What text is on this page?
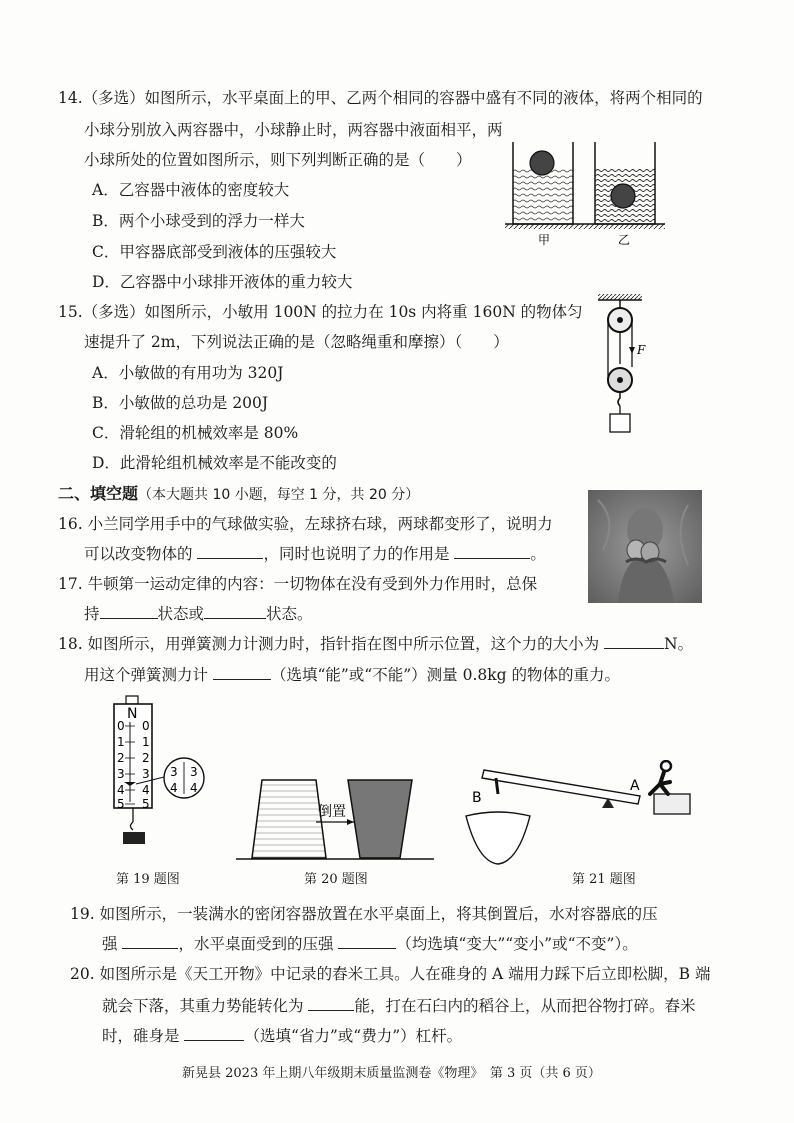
14.（多选）如图所示，水平桌面上的甲、乙两个相同的容器中盛有不同的液体，将两个相同的
小球分别放入两容器中，小球静止时，两容器中液面相平，两
小球所处的位置如图所示，则下列判断正确的是（　　）
A．乙容器中液体的密度较大
B．两个小球受到的浮力一样大
C．甲容器底部受到液体的压强较大
D．乙容器中小球排开液体的重力较大
甲	乙
15.（多选）如图所示，小敏用 100N 的拉力在 10s 内将重 160N 的物体匀
速提升了 2m，下列说法正确的是（忽略绳重和摩擦）（　　）
A．小敏做的有用功为 320J
B．小敏做的总功是 200J
C．滑轮组的机械效率是 80%
D．此滑轮组机械效率是不能改变的
F
二、填空题（本大题共 10 小题，每空 1 分，共 20 分）
16. 小兰同学用手中的气球做实验，左球挤右球，两球都变形了，说明力
可以改变物体的	，同时也说明了力的作用是	。
17. 牛顿第一运动定律的内容：一切物体在没有受到外力作用时，总保
持	状态或	状态。
18. 如图所示，用弹簧测力计测力时，指针指在图中所示位置，这个力的大小为	N。
用这个弹簧测力计	（选填“能”或“不能”）测量 0.8kg 的物体的重力。
N
0 0
1 1
2 2
3 3
4 4
5 5
3 3
4 4
第 19 题图
倒置
第 20 题图
B
A
第 21 题图
19. 如图所示，一装满水的密闭容器放置在水平桌面上，将其倒置后，水对容器底的压
强	，水平桌面受到的压强	（均选填“变大”“变小”或“不变”）。
20. 如图所示是《天工开物》中记录的舂米工具。人在碓身的 A 端用力踩下后立即松脚，B 端
就会下落，其重力势能转化为	能，打在石臼内的稻谷上，从而把谷物打碎。舂米
时，碓身是	（选填“省力”或“费力”）杠杆。
新晃县 2023 年上期八年级期末质量监测卷《物理》　第 3 页（共 6 页）
